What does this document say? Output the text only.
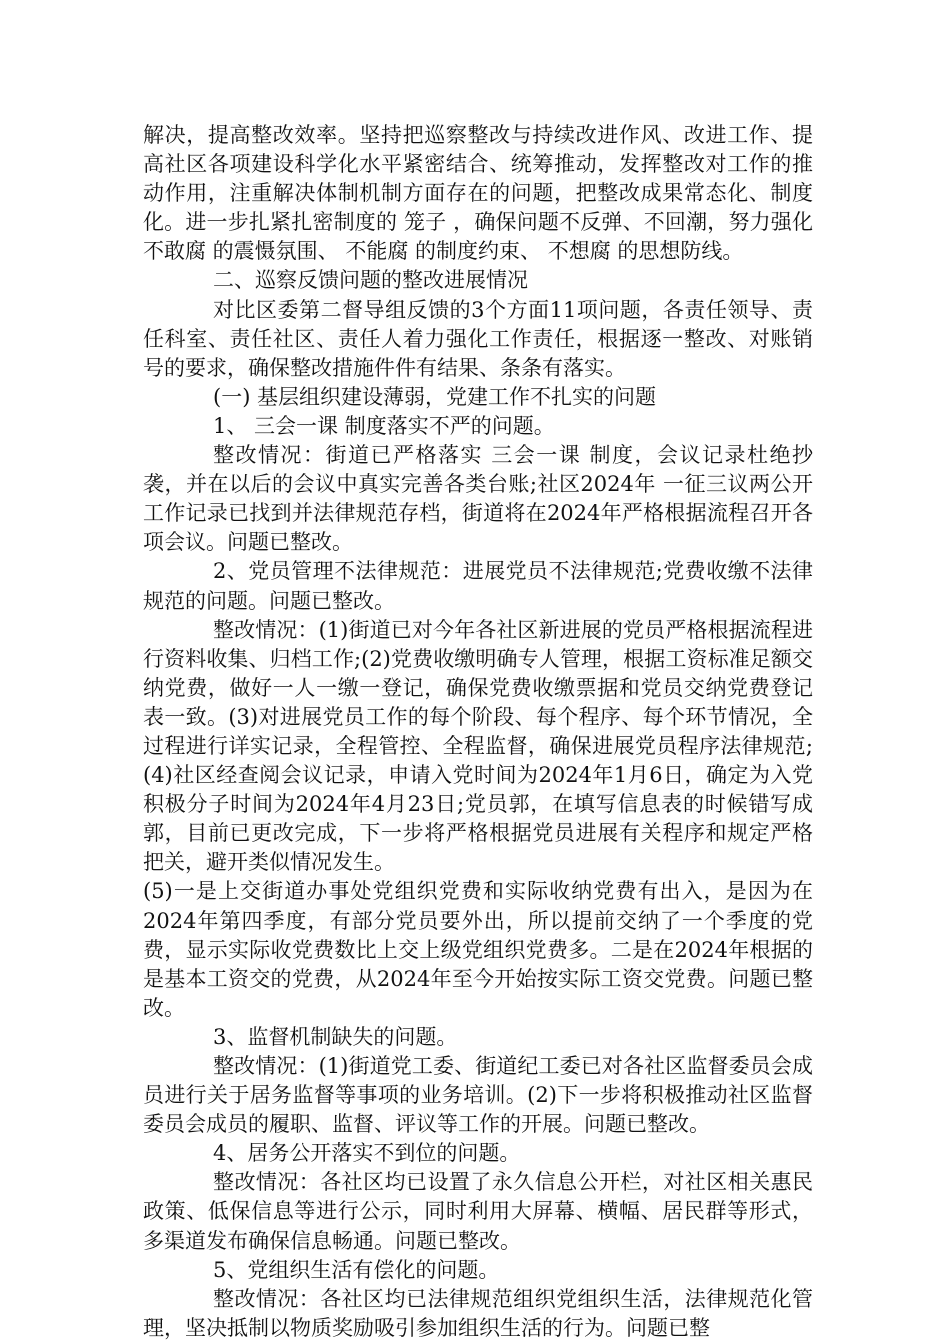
解决，提高整改效率。坚持把巡察整改与持续改进作风、改进工作、提高社区各项建设科学化水平紧密结合、统筹推动，发挥整改对工作的推动作用，注重解决体制机制方面存在的问题，把整改成果常态化、制度化。进一步扎紧扎密制度的 笼子 ，确保问题不反弹、不回潮，努力强化 不敢腐 的震慑氛围、 不能腐 的制度约束、 不想腐 的思想防线。

二、巡察反馈问题的整改进展情况

对比区委第二督导组反馈的3个方面11项问题，各责任领导、责任科室、责任社区、责任人着力强化工作责任，根据逐一整改、对账销号的要求，确保整改措施件件有结果、条条有落实。

(一) 基层组织建设薄弱，党建工作不扎实的问题

1、 三会一课 制度落实不严的问题。

整改情况：街道已严格落实 三会一课 制度，会议记录杜绝抄袭，并在以后的会议中真实完善各类台账;社区2024年 一征三议两公开 工作记录已找到并法律规范存档，街道将在2024年严格根据流程召开各项会议。问题已整改。

2、党员管理不法律规范：进展党员不法律规范;党费收缴不法律规范的问题。问题已整改。

整改情况：(1)街道已对今年各社区新进展的党员严格根据流程进行资料收集、归档工作;(2)党费收缴明确专人管理，根据工资标准足额交纳党费，做好一人一缴一登记，确保党费收缴票据和党员交纳党费登记表一致。(3)对进展党员工作的每个阶段、每个程序、每个环节情况，全过程进行详实记录，全程管控、全程监督，确保进展党员程序法律规范;(4)社区经查阅会议记录，申请入党时间为2024年1月6日，确定为入党积极分子时间为2024年4月23日;党员郭，在填写信息表的时候错写成郭，目前已更改完成，下一步将严格根据党员进展有关程序和规定严格把关，避开类似情况发生。

(5)一是上交街道办事处党组织党费和实际收纳党费有出入，是因为在2024年第四季度，有部分党员要外出，所以提前交纳了一个季度的党费，显示实际收党费数比上交上级党组织党费多。二是在2024年根据的是基本工资交的党费，从2024年至今开始按实际工资交党费。问题已整改。

3、监督机制缺失的问题。

整改情况：(1)街道党工委、街道纪工委已对各社区监督委员会成员进行关于居务监督等事项的业务培训。(2)下一步将积极推动社区监督委员会成员的履职、监督、评议等工作的开展。问题已整改。

4、居务公开落实不到位的问题。

整改情况：各社区均已设置了永久信息公开栏，对社区相关惠民政策、低保信息等进行公示，同时利用大屏幕、横幅、居民群等形式，多渠道发布确保信息畅通。问题已整改。

5、党组织生活有偿化的问题。

整改情况：各社区均已法律规范组织党组织生活，法律规范化管理，坚决抵制以物质奖励吸引参加组织生活的行为。问题已整
